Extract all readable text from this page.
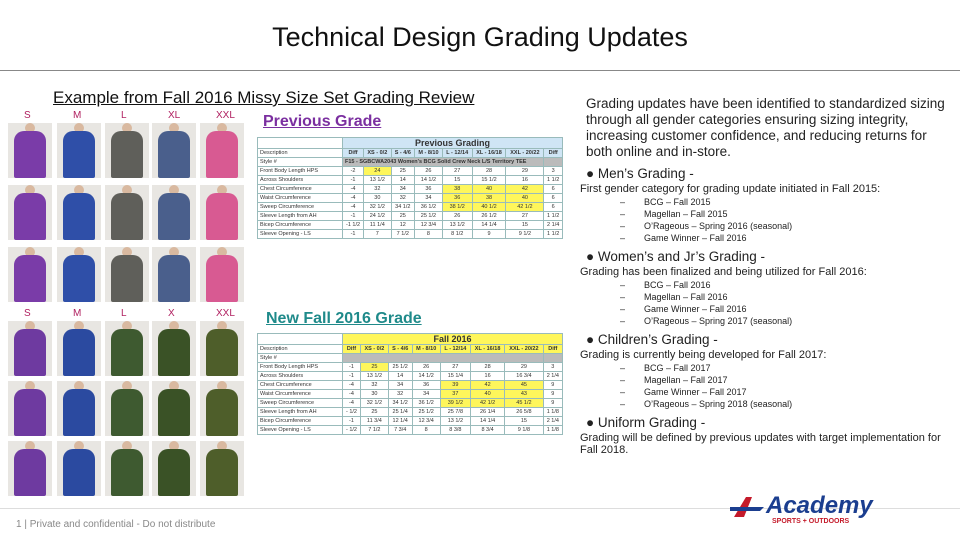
Technical Design Grading Updates
Example from Fall 2016 Missy Size Set Grading Review
S	M	L	XL	XXL
S	M	L	X	XXL
Previous Grade
	Previous Grading							
Description	Diff	XS - 0/2	S - 4/6	M - 8/10	L - 12/14	XL - 16/18	XXL - 20/22	Diff
Style #	F15 - SGBCWA2043 Women's BCG Solid Crew Neck L/S Territory TEE							
Front Body Length HPS	-2	24	25	26	27	28	29	3
Across Shoulders	-1	13 1/2	14	14 1/2	15	15 1/2	16	1 1/2
Chest Circumference	-4	32	34	36	38	40	42	6
Waist Circumference	-4	30	32	34	36	38	40	6
Sweep Circumference	-4	32 1/2	34 1/2	36 1/2	38 1/2	40 1/2	42 1/2	6
Sleeve Length from AH	-1	24 1/2	25	25 1/2	26	26 1/2	27	1 1/2
Bicep Circumference	-1 1/2	11 1/4	12	12 3/4	13 1/2	14 1/4	15	2 1/4
Sleeve Opening - LS	-1	7	7 1/2	8	8 1/2	9	9 1/2	1 1/2
New Fall 2016 Grade
	Fall 2016							
Description	Diff	XS - 0/2	S - 4/6	M - 8/10	L - 12/14	XL - 16/18	XXL - 20/22	Diff
Style #								
Front Body Length HPS	-1	25	25 1/2	26	27	28	29	3
Across Shoulders	-1	13 1/2	14	14 1/2	15 1/4	16	16 3/4	2 1/4
Chest Circumference	-4	32	34	36	39	42	45	9
Waist Circumference	-4	30	32	34	37	40	43	9
Sweep Circumference	-4	32 1/2	34 1/2	36 1/2	39 1/2	42 1/2	45 1/2	9
Sleeve Length from AH	- 1/2	25	25 1/4	25 1/2	25 7/8	26 1/4	26 5/8	1 1/8
Bicep Circumference	-1	11 3/4	12 1/4	12 3/4	13 1/2	14 1/4	15	2 1/4
Sleeve Opening - LS	- 1/2	7 1/2	7 3/4	8	8 3/8	8 3/4	9 1/8	1 1/8
Grading updates have been identified to standardized sizing through all gender categories ensuring sizing integrity, increasing customer confidence, and reducing returns for both online and in-store.
● Men’s Grading -
First gender category for grading update initiated in Fall 2015:
– BCG – Fall 2015
– Magellan – Fall 2015
– O’Rageous – Spring 2016 (seasonal)
– Game Winner – Fall 2016
● Women’s and Jr’s Grading -
Grading has been finalized and being utilized for Fall 2016:
– BCG – Fall 2016
– Magellan – Fall 2016
– Game Winner – Fall 2016
– O’Rageous – Spring 2017 (seasonal)
● Children’s Grading -
Grading is currently being developed for Fall 2017:
– BCG – Fall 2017
– Magellan – Fall 2017
– Game Winner – Fall 2017
– O’Rageous – Spring 2018 (seasonal)
● Uniform Grading -
Grading will be defined by previous updates with target implementation for Fall 2018.
1 | Private and confidential - Do not distribute
Academy
SPORTS + OUTDOORS
